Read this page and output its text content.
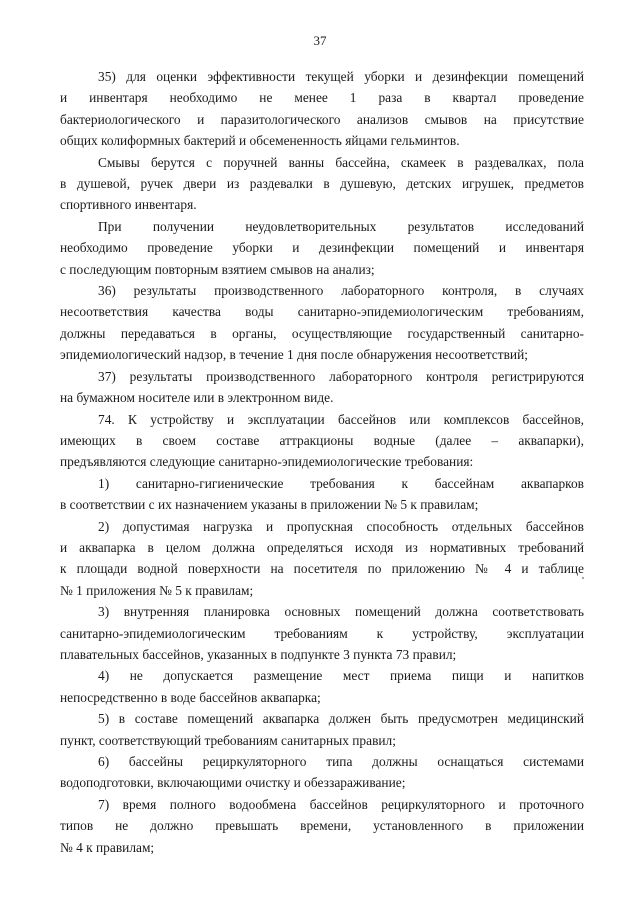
37

35) для оценки эффективности текущей уборки и дезинфекции помещений
и инвентаря необходимо не менее 1 раза в квартал проведение
бактериологического и паразитологического анализов смывов на присутствие
общих колиформных бактерий и обсемененность яйцами гельминтов.

Смывы берутся с поручней ванны бассейна, скамеек в раздевалках, пола
в душевой, ручек двери из раздевалки в душевую, детских игрушек, предметов
спортивного инвентаря.

При получении неудовлетворительных результатов исследований
необходимо проведение уборки и дезинфекции помещений и инвентаря
с последующим повторным взятием смывов на анализ;

36) результаты производственного лабораторного контроля, в случаях
несоответствия качества воды санитарно-эпидемиологическим требованиям,
должны передаваться в органы, осуществляющие государственный санитарно-
эпидемиологический надзор, в течение 1 дня после обнаружения несоответствий;

37) результаты производственного лабораторного контроля регистрируются
на бумажном носителе или в электронном виде.

74. К устройству и эксплуатации бассейнов или комплексов бассейнов,
имеющих в своем составе аттракционы водные (далее – аквапарки),
предъявляются следующие санитарно-эпидемиологические требования:

1) санитарно-гигиенические требования к бассейнам аквапарков
в соответствии с их назначением указаны в приложении № 5 к правилам;

2) допустимая нагрузка и пропускная способность отдельных бассейнов
и аквапарка в целом должна определяться исходя из нормативных требований
к площади водной поверхности на посетителя по приложению № 4 и таблице
№ 1 приложения № 5 к правилам;

3) внутренняя планировка основных помещений должна соответствовать
санитарно-эпидемиологическим требованиям к устройству, эксплуатации
плавательных бассейнов, указанных в подпункте 3 пункта 73 правил;

4) не допускается размещение мест приема пищи и напитков
непосредственно в воде бассейнов аквапарка;

5) в составе помещений аквапарка должен быть предусмотрен медицинский
пункт, соответствующий требованиям санитарных правил;

6) бассейны рециркуляторного типа должны оснащаться системами
водоподготовки, включающими очистку и обеззараживание;

7) время полного водообмена бассейнов рециркуляторного и проточного
типов не должно превышать времени, установленного в приложении
№ 4 к правилам;
